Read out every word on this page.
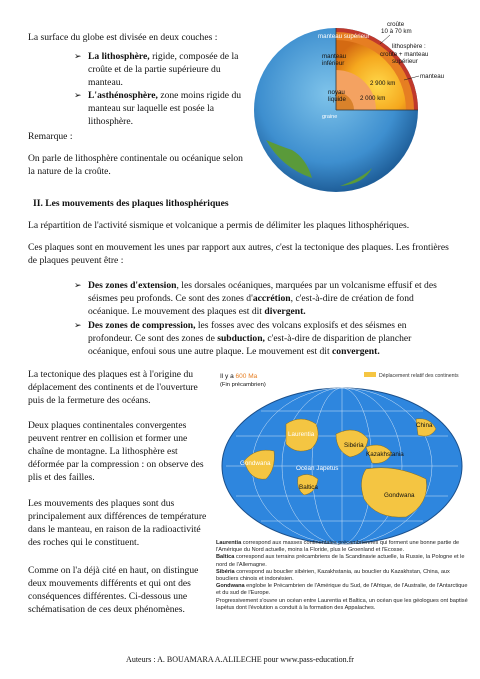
La surface du globe est divisée en deux couches :
➢ La lithosphère, rigide, composée de la croûte et de la partie supérieure du manteau.
➢ L'asthénosphère, zone moins rigide du manteau sur laquelle est posée la lithosphère.
Remarque :
On parle de lithosphère continentale ou océanique selon la nature de la croûte.
croûte
10 à 70 km
manteau supérieur
manteau
inférieur
lithosphère :
croûte + manteau
supérieur
noyau
liquide
2 900 km
2 000 km
manteau
graine
II. Les mouvements des plaques lithosphériques
La répartition de l'activité sismique et volcanique a permis de délimiter les plaques lithosphériques.
Ces plaques sont en mouvement les unes par rapport aux autres, c'est la tectonique des plaques. Les frontières de plaques peuvent être :
➢ Des zones d'extension, les dorsales océaniques, marquées par un volcanisme effusif et des
séismes peu profonds. Ce sont des zones d'accrétion, c'est-à-dire de création de fond
océanique. Le mouvement des plaques est dit divergent.
➢ Des zones de compression, les fosses avec des volcans explosifs et des séismes en
profondeur. Ce sont des zones de subduction, c'est-à-dire de disparition de plancher
océanique, enfoui sous une autre plaque. Le mouvement est dit convergent.
La tectonique des plaques est à l'origine du déplacement des continents et de l'ouverture puis de la fermeture des océans.
Deux plaques continentales convergentes peuvent rentrer en collision et former une chaîne de montagne. La lithosphère est déformée par la compression : on observe des plis et des failles.
Les mouvements des plaques sont dus principalement aux différences de température dans le manteau, en raison de la radioactivité des roches qui le constituent.
Comme on l'a déjà cité en haut, on distingue deux mouvements différents et qui ont des conséquences différentes. Ci-dessous une schématisation de ces deux phénomènes.
Il y a 600 Ma
(Fin précambrien)
Déplacement relatif des continents
Laurentia
Gondwana
Océan Japetus
Baltica
Sibéria
Kazakhstania
China
Gondwana
Laurentia correspond aux masses continentales précambriennes qui forment une bonne partie de l'Amérique du Nord actuelle, moins la Floride, plus le Groenland et l'Ecosse.
Baltica correspond aux terrains précambriens de la Scandinavie actuelle, la Russie, la Pologne et le nord de l'Allemagne.
Sibéria correspond au bouclier sibérien, Kazakhstania, au bouclier du Kazakhstan, China, aux boucliers chinois et indonésien.
Gondwana englobe le Précambrien de l'Amérique du Sud, de l'Afrique, de l'Australie, de l'Antarctique et du sud de l'Europe.
Progressivement s'ouvre un océan entre Laurentia et Baltica, un océan que les géologues ont baptisé Iapétus dont l'évolution a conduit à la formation des Appalaches.
Auteurs : A. BOUAMARA A.ALILECHE pour www.pass-education.fr
